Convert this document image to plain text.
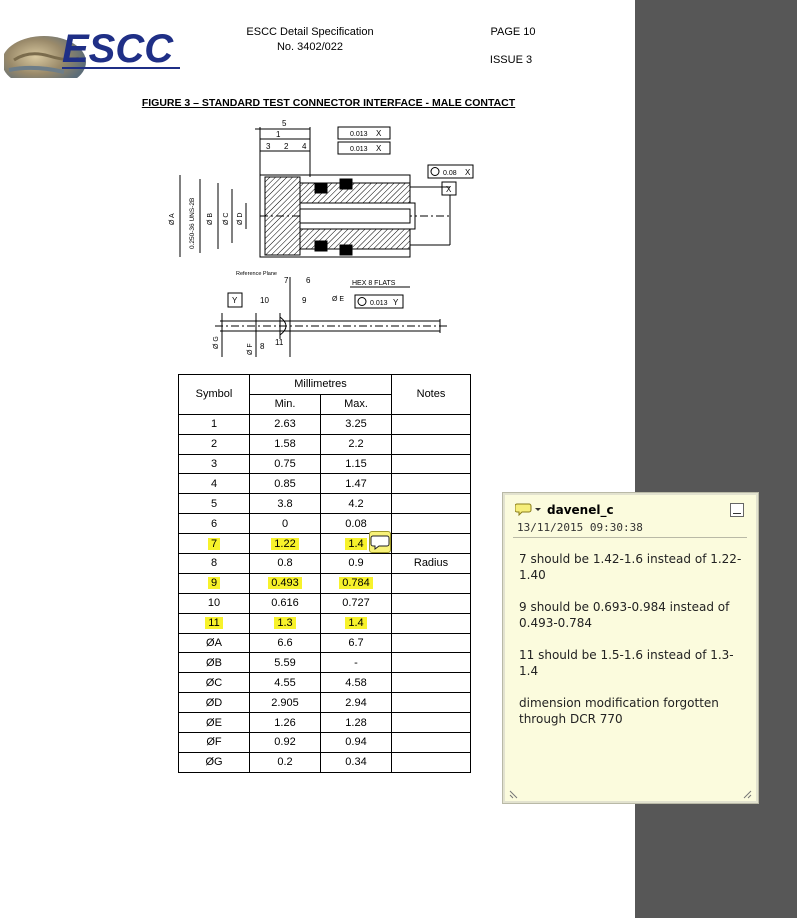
ESCC	ESCC Detail Specification
No. 3402/022
PAGE 10
ISSUE 3
FIGURE 3 – STANDARD TEST CONNECTOR INTERFACE - MALE CONTACT
5
1
3 2 4
0.013 X
0.013 X
0.08 X
X
Ø A 0.250-36 UNS-2B Ø B Ø C Ø D
Reference Plane
HEX 8 FLATS
Y	10	9
7 6
Ø E
0.013 Y
11
8
Ø F
Ø G
Symbol	Millimetres		Notes
	Min.	Max.	
1	2.63	3.25	
2	1.58	2.2	
3	0.75	1.15	
4	0.85	1.47	
5	3.8	4.2	
6	0	0.08	
7	1.22	1.4	
8	0.8	0.9	Radius
9	0.493	0.784	
10	0.616	0.727	
11	1.3	1.4	
ØA	6.6	6.7	
ØB	5.59	-	
ØC	4.55	4.58	
ØD	2.905	2.94	
ØE	1.26	1.28	
ØF	0.92	0.94	
ØG	0.2	0.34	
davenel_c
13/11/2015 09:30:38

7 should be 1.42-1.6 instead of 1.22-1.40

9 should be 0.693-0.984 instead of 0.493-0.784

11 should be 1.5-1.6 instead of 1.3-1.4

dimension modification forgotten through DCR 770
